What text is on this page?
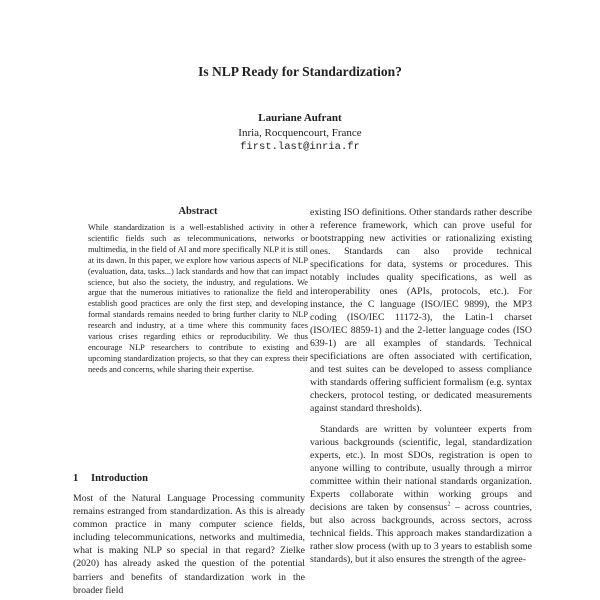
Is NLP Ready for Standardization?
Lauriane Aufrant
Inria, Rocquencourt, France
first.last@inria.fr
Abstract

While standardization is a well-established activity in other scientific fields such as telecommunications, networks or multimedia, in the field of AI and more specifically NLP it is still at its dawn. In this paper, we explore how various aspects of NLP (evaluation, data, tasks...) lack standards and how that can impact science, but also the society, the industry, and regulations. We argue that the numerous initiatives to rationalize the field and establish good practices are only the first step, and developing formal standards remains needed to bring further clarity to NLP research and industry, at a time where this community faces various crises regarding ethics or reproducibility. We thus encourage NLP researchers to contribute to existing and upcoming standardization projects, so that they can express their needs and concerns, while sharing their expertise.

1 Introduction

Most of the Natural Language Processing community remains estranged from standardization. As this is already common practice in many computer science fields, including telecommunications, networks and multimedia, what is making NLP so special in that regard? Zielke (2020) has already asked the question of the potential barriers and benefits of standardization work in the broader field

existing ISO definitions. Other standards rather describe a reference framework, which can prove useful for bootstrapping new activities or rationalizing existing ones. Standards can also provide technical specifications for data, systems or procedures. This notably includes quality specifications, as well as interoperability ones (APIs, protocols, etc.). For instance, the C language (ISO/IEC 9899), the MP3 coding (ISO/IEC 11172-3), the Latin-1 charset (ISO/IEC 8859-1) and the 2-letter language codes (ISO 639-1) are all examples of standards. Technical specificiations are often associated with certification, and test suites can be developed to assess compliance with standards offering sufficient formalism (e.g. syntax checkers, protocol testing, or dedicated measurements against standard thresholds).

Standards are written by volunteer experts from various backgrounds (scientific, legal, standardization experts, etc.). In most SDOs, registration is open to anyone willing to contribute, usually through a mirror committee within their national standards organization. Experts collaborate within working groups and decisions are taken by consensus$^2$ – across countries, but also across backgrounds, across sectors, across technical fields. This approach makes standardization a rather slow process (with up to 3 years to establish some standards), but it also ensures the strength of the agree-
